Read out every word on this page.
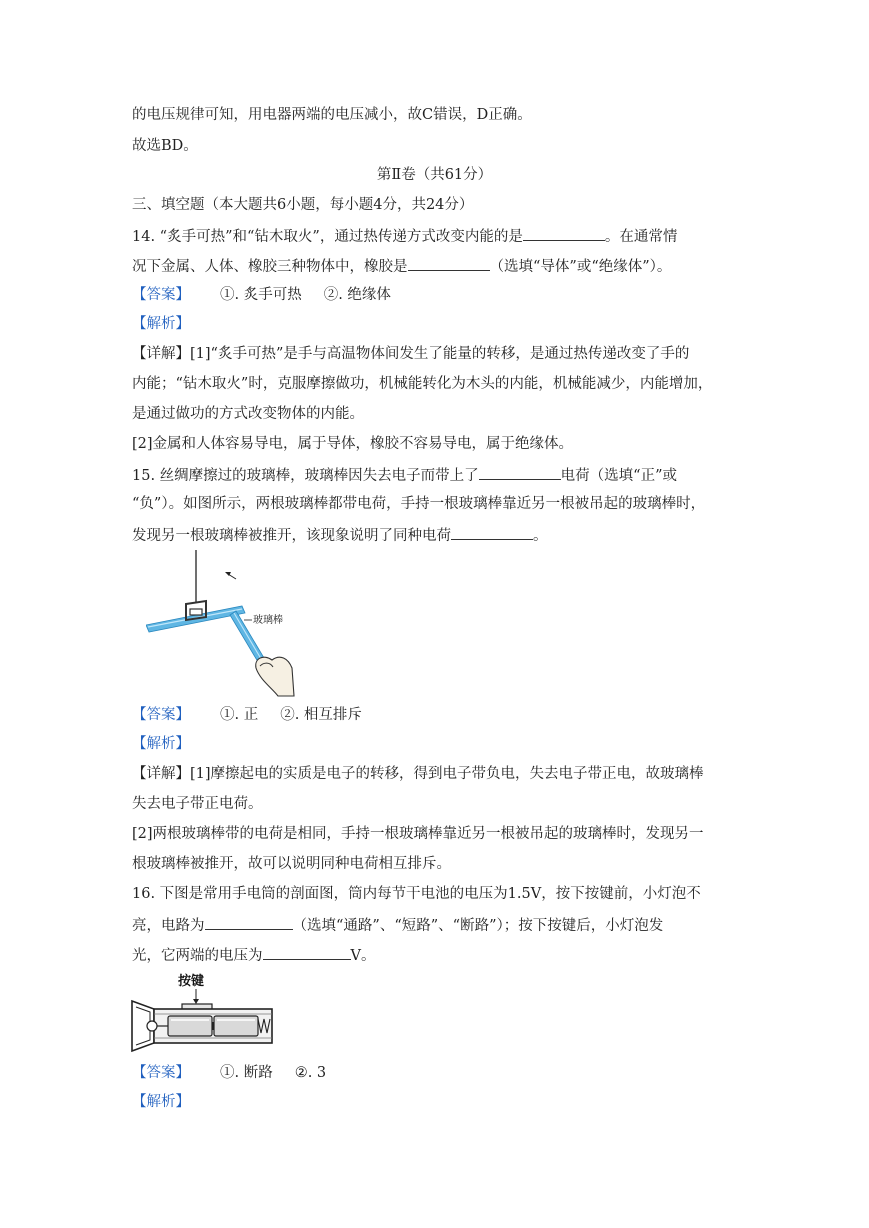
的电压规律可知，用电器两端的电压减小，故C错误，D正确。
故选BD。
第Ⅱ卷（共61分）
三、填空题（本大题共6小题，每小题4分，共24分）
14. “炙手可热”和“钻木取火”，通过热传递方式改变内能的是	。在通常情
况下金属、人体、橡胶三种物体中，橡胶是	（选填“导体”或“绝缘体”）。
【答案】 ①. 炙手可热 ②. 绝缘体
【解析】
【详解】[1]“炙手可热”是手与高温物体间发生了能量的转移，是通过热传递改变了手的
内能；“钻木取火”时，克服摩擦做功，机械能转化为木头的内能，机械能减少，内能增加，
是通过做功的方式改变物体的内能。
[2]金属和人体容易导电，属于导体，橡胶不容易导电，属于绝缘体。
15. 丝绸摩擦过的玻璃棒，玻璃棒因失去电子而带上了	电荷（选填“正”或
“负”）。如图所示，两根玻璃棒都带电荷，手持一根玻璃棒靠近另一根被吊起的玻璃棒时，
发现另一根玻璃棒被推开，该现象说明了同种电荷	。
玻璃棒
【答案】 ①. 正 ②. 相互排斥
【解析】
【详解】[1]摩擦起电的实质是电子的转移，得到电子带负电，失去电子带正电，故玻璃棒
失去电子带正电荷。
[2]两根玻璃棒带的电荷是相同，手持一根玻璃棒靠近另一根被吊起的玻璃棒时，发现另一
根玻璃棒被推开，故可以说明同种电荷相互排斥。
16. 下图是常用手电筒的剖面图，筒内每节干电池的电压为1.5V，按下按键前，小灯泡不
亮，电路为	（选填“通路”、“短路”、“断路”）；按下按键后，小灯泡发
光，它两端的电压为	V。
按键
【答案】 ①. 断路 ②. 3
【解析】
